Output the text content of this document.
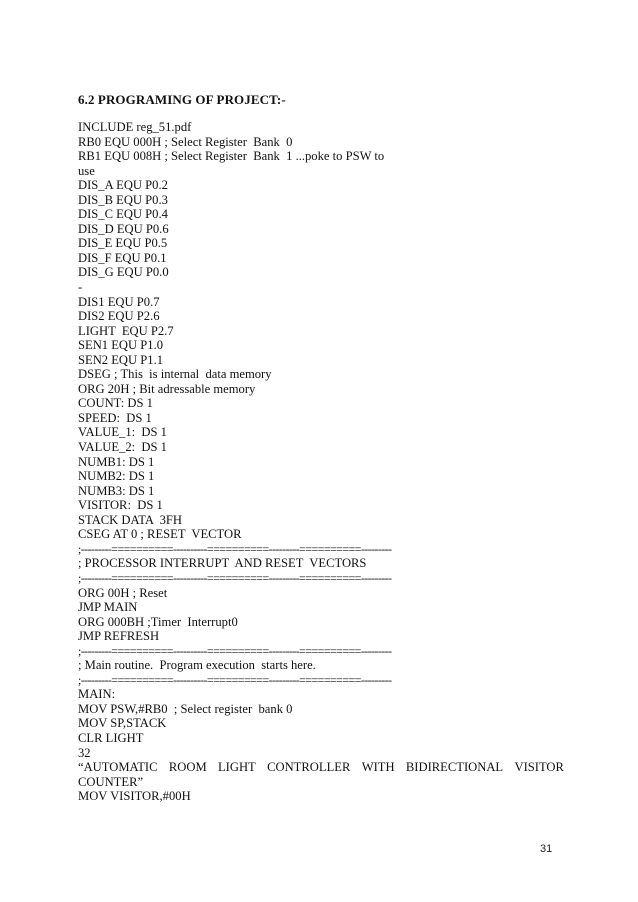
6.2 PROGRAMING OF PROJECT:-
INCLUDE reg_51.pdf
RB0 EQU 000H ; Select Register  Bank  0
RB1 EQU 008H ; Select Register  Bank  1 ...poke to PSW to
use
DIS_A EQU P0.2
DIS_B EQU P0.3
DIS_C EQU P0.4
DIS_D EQU P0.6
DIS_E EQU P0.5
DIS_F EQU P0.1
DIS_G EQU P0.0
-
DIS1 EQU P0.7
DIS2 EQU P2.6
LIGHT  EQU P2.7
SEN1 EQU P1.0
SEN2 EQU P1.1
DSEG ; This  is internal  data memory
ORG 20H ; Bit adressable memory
COUNT: DS 1
SPEED:  DS 1
VALUE_1:  DS 1
VALUE_2:  DS 1
NUMB1: DS 1
NUMB2: DS 1
NUMB3: DS 1
VISITOR:  DS 1
STACK DATA  3FH
CSEG AT 0 ; RESET  VECTOR
;---------==========----------==========---------==========---------
; PROCESSOR INTERRUPT  AND RESET  VECTORS
;---------==========----------==========---------==========---------
ORG 00H ; Reset
JMP MAIN
ORG 000BH ;Timer  Interrupt0
JMP REFRESH
;---------==========----------==========---------==========---------
; Main routine.  Program execution  starts here.
;---------==========----------==========---------==========---------
MAIN:
MOV PSW,#RB0  ; Select register  bank 0
MOV SP,STACK
CLR LIGHT
32
“AUTOMATIC ROOM LIGHT CONTROLLER WITH BIDIRECTIONAL VISITOR
COUNTER”
MOV VISITOR,#00H
31
